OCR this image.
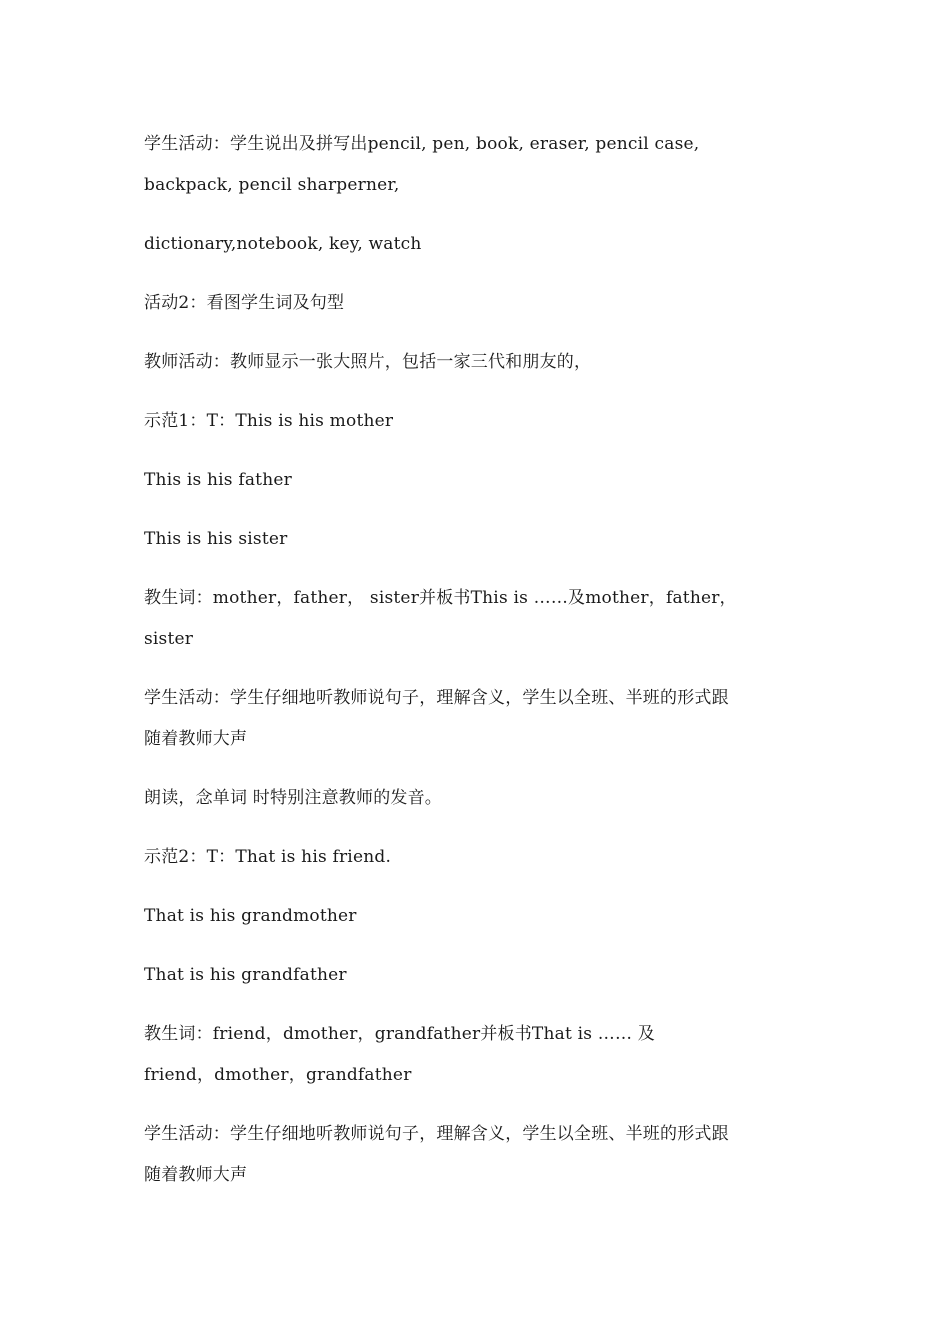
学生活动：学生说出及拼写出pencil, pen, book, eraser, pencil case,
backpack, pencil sharperner,

dictionary,notebook, key, watch

活动2：看图学生词及句型

教师活动：教师显示一张大照片，包括一家三代和朋友的，

示范1：T：This is his mother

This is his father

This is his sister

教生词：mother，father， sister并板书This is ……及mother，father，
sister

学生活动：学生仔细地听教师说句子，理解含义，学生以全班、半班的形式跟
随着教师大声

朗读，念单词 时特别注意教师的发音。

示范2：T：That is his friend.

That is his grandmother

That is his grandfather

教生词：friend，dmother，grandfather并板书That is …… 及
friend，dmother，grandfather

学生活动：学生仔细地听教师说句子，理解含义，学生以全班、半班的形式跟
随着教师大声
